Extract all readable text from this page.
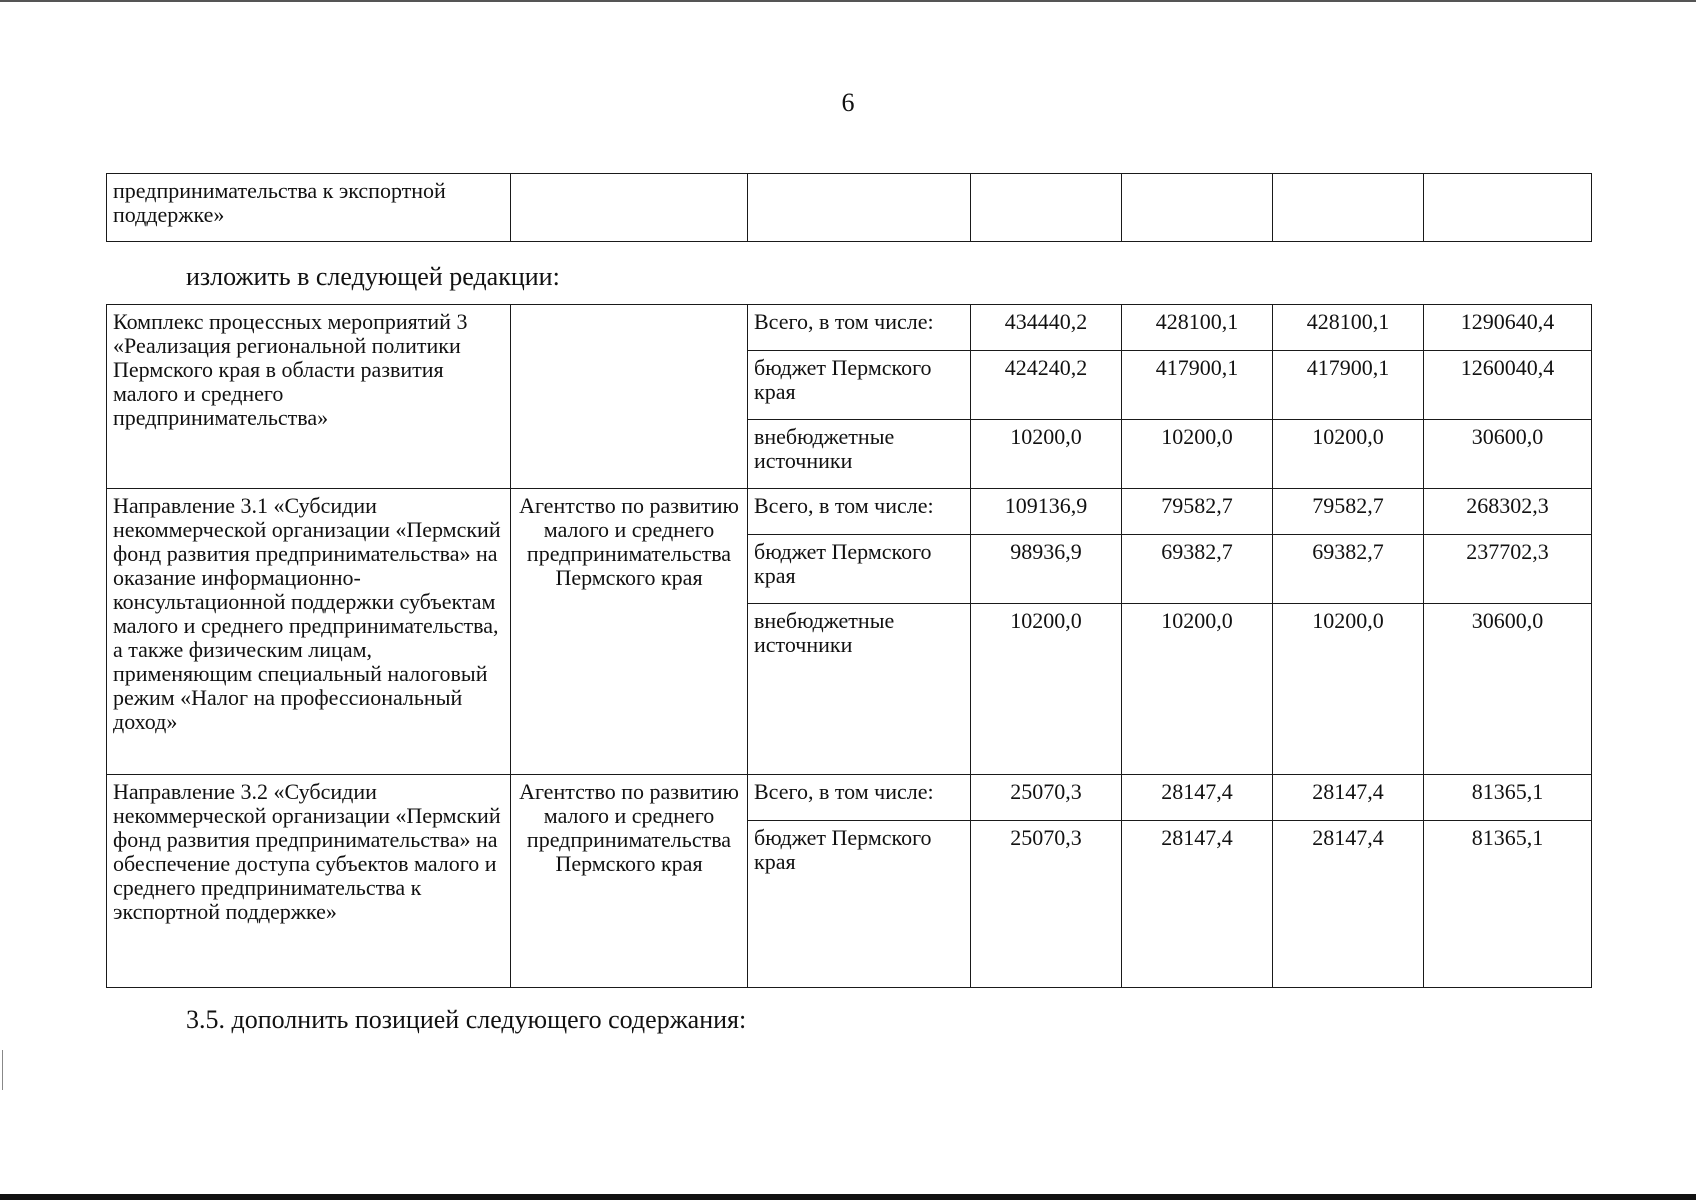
6
предпринимательства к экспортной поддержке»						
изложить в следующей редакции:
Комплекс процессных мероприятий 3 «Реализация региональной политики Пермского края в области развития малого и среднего предпринимательства»		Всего, в том числе:	434440,2	428100,1	428100,1	1290640,4
		бюджет Пермского края	424240,2	417900,1	417900,1	1260040,4
		внебюджетные источники	10200,0	10200,0	10200,0	30600,0
Направление 3.1 «Субсидии некоммерческой организации «Пермский фонд развития предпринимательства» на оказание информационно-консультационной поддержки субъектам малого и среднего предпринимательства, а также физическим лицам, применяющим специальный налоговый режим «Налог на профессиональный доход»	Агентство по развитию малого и среднего предпринимательства Пермского края	Всего, в том числе:	109136,9	79582,7	79582,7	268302,3
		бюджет Пермского края	98936,9	69382,7	69382,7	237702,3
		внебюджетные источники	10200,0	10200,0	10200,0	30600,0
Направление 3.2 «Субсидии некоммерческой организации «Пермский фонд развития предпринимательства» на обеспечение доступа субъектов малого и среднего предпринимательства к экспортной поддержке»	Агентство по развитию малого и среднего предпринимательства Пермского края	Всего, в том числе:	25070,3	28147,4	28147,4	81365,1
		бюджет Пермского края	25070,3	28147,4	28147,4	81365,1
3.5. дополнить позицией следующего содержания:
